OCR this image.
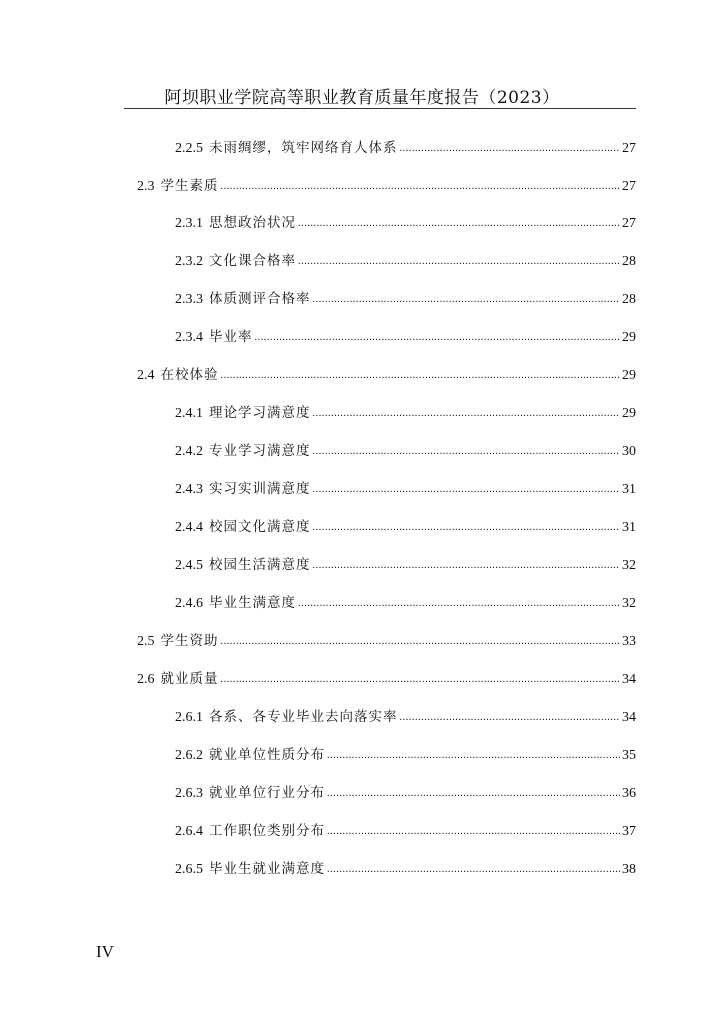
阿坝职业学院高等职业教育质量年度报告（2023）
2.2.5 未雨绸缪，筑牢网络育人体系 .....	27
2.3 学生素质 .....	27
2.3.1 思想政治状况 .....	27
2.3.2 文化课合格率 .....	28
2.3.3 体质测评合格率 .....	28
2.3.4 毕业率 .....	29
2.4 在校体验 .....	29
2.4.1 理论学习满意度 .....	29
2.4.2 专业学习满意度 .....	30
2.4.3 实习实训满意度 .....	31
2.4.4 校园文化满意度 .....	31
2.4.5 校园生活满意度 .....	32
2.4.6 毕业生满意度 .....	32
2.5 学生资助 .....	33
2.6 就业质量 .....	34
2.6.1 各系、各专业毕业去向落实率 .....	34
2.6.2 就业单位性质分布 .....	35
2.6.3 就业单位行业分布 .....	36
2.6.4 工作职位类别分布 .....	37
2.6.5 毕业生就业满意度 .....	38
IV
